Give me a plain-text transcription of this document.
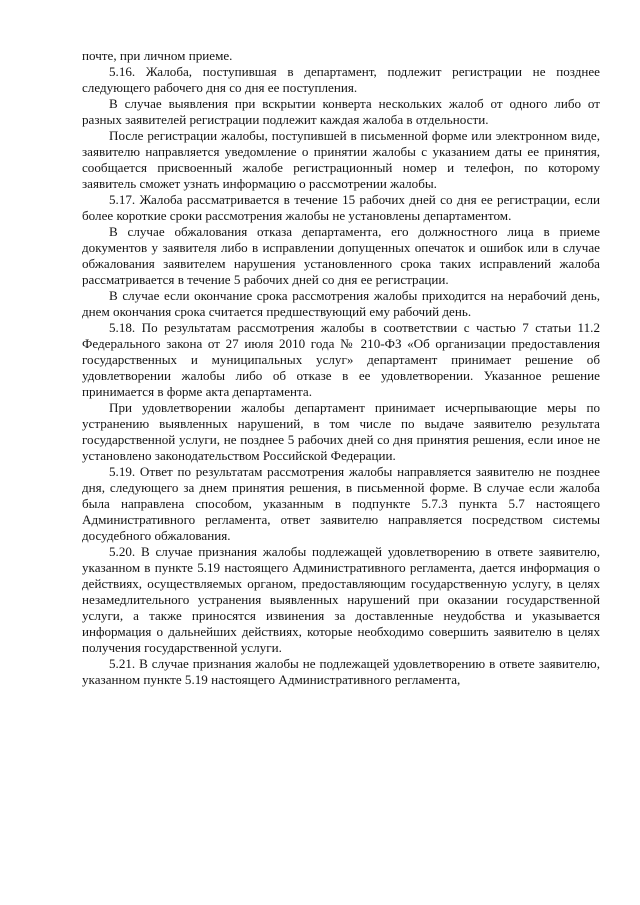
почте, при личном приеме.

5.16. Жалоба, поступившая в департамент, подлежит регистрации не позднее следующего рабочего дня со дня ее поступления.

В случае выявления при вскрытии конверта нескольких жалоб от одного либо от разных заявителей регистрации подлежит каждая жалоба в отдельности.

После регистрации жалобы, поступившей в письменной форме или электронном виде, заявителю направляется уведомление о принятии жалобы с указанием даты ее принятия, сообщается присвоенный жалобе регистрационный номер и телефон, по которому заявитель сможет узнать информацию о рассмотрении жалобы.

5.17. Жалоба рассматривается в течение 15 рабочих дней со дня ее регистрации, если более короткие сроки рассмотрения жалобы не установлены департаментом.

В случае обжалования отказа департамента, его должностного лица в приеме документов у заявителя либо в исправлении допущенных опечаток и ошибок или в случае обжалования заявителем нарушения установленного срока таких исправлений жалоба рассматривается в течение 5 рабочих дней со дня ее регистрации.

В случае если окончание срока рассмотрения жалобы приходится на нерабочий день, днем окончания срока считается предшествующий ему рабочий день.

5.18. По результатам рассмотрения жалобы в соответствии с частью 7 статьи 11.2 Федерального закона от 27 июля 2010 года № 210-ФЗ «Об организации предоставления государственных и муниципальных услуг» департамент принимает решение об удовлетворении жалобы либо об отказе в ее удовлетворении. Указанное решение принимается в форме акта департамента.

При удовлетворении жалобы департамент принимает исчерпывающие меры по устранению выявленных нарушений, в том числе по выдаче заявителю результата государственной услуги, не позднее 5 рабочих дней со дня принятия решения, если иное не установлено законодательством Российской Федерации.

5.19. Ответ по результатам рассмотрения жалобы направляется заявителю не позднее дня, следующего за днем принятия решения, в письменной форме. В случае если жалоба была направлена способом, указанным в подпункте 5.7.3 пункта 5.7 настоящего Административного регламента, ответ заявителю направляется посредством системы досудебного обжалования.

5.20. В случае признания жалобы подлежащей удовлетворению в ответе заявителю, указанном в пункте 5.19 настоящего Административного регламента, дается информация о действиях, осуществляемых органом, предоставляющим государственную услугу, в целях незамедлительного устранения выявленных нарушений при оказании государственной услуги, а также приносятся извинения за доставленные неудобства и указывается информация о дальнейших действиях, которые необходимо совершить заявителю в целях получения государственной услуги.

5.21. В случае признания жалобы не подлежащей удовлетворению в ответе заявителю, указанном пункте 5.19 настоящего Административного регламента,
